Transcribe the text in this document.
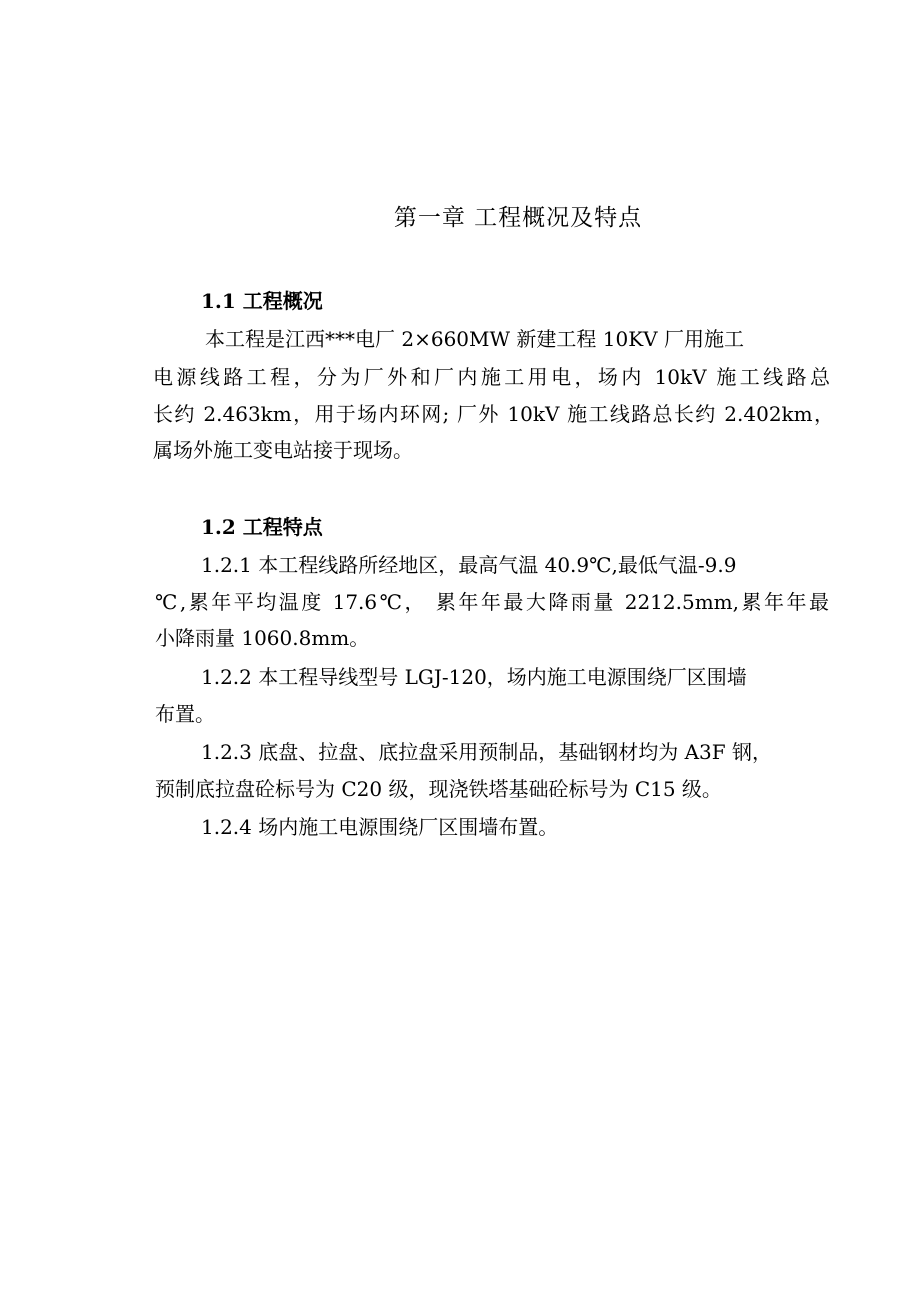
第一章 工程概况及特点
1.1 工程概况
本工程是江西***电厂 2×660MW 新建工程 10KV 厂用施工
电源线路工程，分为厂外和厂内施工用电，场内 10kV 施工线路总
长约 2.463km，用于场内环网; 厂外 10kV 施工线路总长约 2.402km，
属场外施工变电站接于现场。
1.2 工程特点
1.2.1 本工程线路所经地区，最高气温 40.9℃,最低气温-9.9
℃,累年平均温度 17.6℃， 累年年最大降雨量 2212.5mm,累年年最
小降雨量 1060.8mm。
1.2.2 本工程导线型号 LGJ-120，场内施工电源围绕厂区围墙
布置。
1.2.3 底盘、拉盘、底拉盘采用预制品，基础钢材均为 A3F 钢，
预制底拉盘砼标号为 C20 级，现浇铁塔基础砼标号为 C15 级。
1.2.4 场内施工电源围绕厂区围墙布置。
